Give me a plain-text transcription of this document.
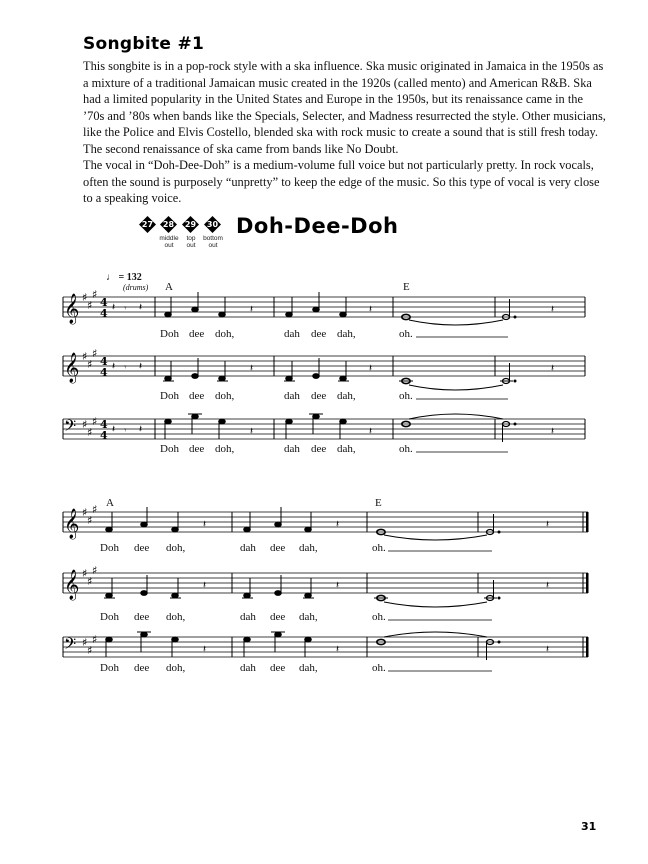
Songbite #1
This songbite is in a pop-rock style with a ska influence. Ska music originated in Jamaica in the 1950s as
a mixture of a traditional Jamaican music created in the 1920s (called mento) and American R&B. Ska
had a limited popularity in the United States and Europe in the 1950s, but its renaissance came in the
’70s and ’80s when bands like the Specials, Selecter, and Madness resurrected the style. Other musicians,
like the Police and Elvis Costello, blended ska with rock music to create a sound that is still fresh today.
The second renaissance of ska came from bands like No Doubt.
The vocal in “Doh-Dee-Doh” is a medium-volume full voice but not particularly pretty. In rock vocals,
often the sound is purposely “unpretty” to keep the edge of the music. So this type of vocal is very close
to a speaking voice.
27	28
middle
out
29
top
out
30
bottom
out
Doh-Dee-Doh
♩ = 132
(drums) A	E
𝄞 ♯
♯
♯
4
4 𝄽 𝄾 𝄽	𝄽	𝄽	𝄽
Doh dee doh,	dah dee dah,	oh.
𝄞 ♯
♯
♯
4
4 𝄽 𝄾 𝄽	𝄽	𝄽	𝄽
Doh dee doh,	dah dee dah,	oh.
𝄢 ♯
♯
♯ 4
4 𝄽 𝄾 𝄽	𝄽	𝄽	𝄽
Doh dee doh,	dah dee dah,	oh.
A	E
𝄞 ♯
♯
♯
𝄽	𝄽	𝄽
Doh dee doh,	dah dee dah,	oh.
𝄞 ♯
♯
♯
𝄽	𝄽	𝄽
Doh dee doh,	dah dee dah,	oh.
𝄢 ♯
♯
♯
𝄽	𝄽	𝄽
Doh dee doh,	dah dee dah,	oh.
31
